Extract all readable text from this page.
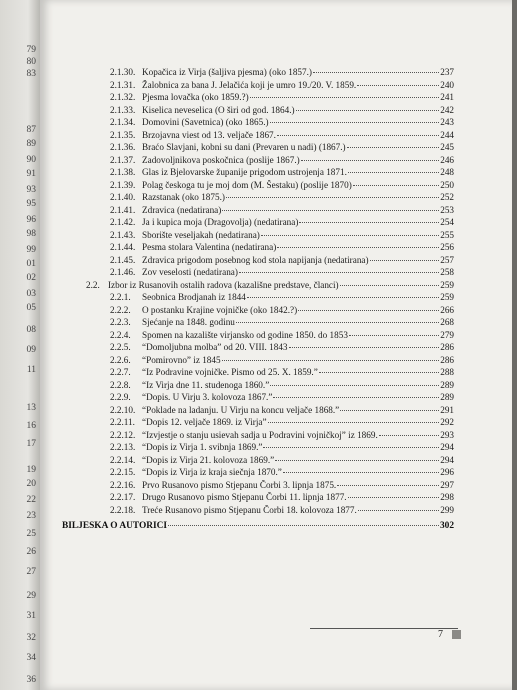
79
80
83
87
89
90
91
93
95
96
98
99
01
02
03
05
08
09
11
13
16
17
19
20
22
23
25
26
27
29
31
32
34
36
2.1.30. Kopačica iz Virja (šaljiva pjesma) (oko 1857.)	237
2.1.31. Žalobnica za bana J. Jelačića koji je umro 19./20. V. 1859.	240
2.1.32. Pjesma lovačka (oko 1859.?)	241
2.1.33. Kiselica neveselica (O širi od god. 1864.)	242
2.1.34. Domovini (Savetnica) (oko 1865.)	243
2.1.35. Brzojavna viest od 13. veljače 1867.	244
2.1.36. Braćo Slavjani, kobni su dani (Prevaren u nadi) (1867.)	245
2.1.37. Zadovoljnikova poskočnica (poslije 1867.)	246
2.1.38. Glas iz Bjelovarske županije prigodom ustrojenja 1871.	248
2.1.39. Polag českoga tu je moj dom (M. Šestaku) (poslije 1870)	250
2.1.40. Razstanak (oko 1875.)	252
2.1.41. Zdravica (nedatirana)	253
2.1.42. Ja i kupica moja (Dragovolja) (nedatirana)	254
2.1.43. Sborište veseljakah (nedatirana)	255
2.1.44. Pesma stolara Valentina (nedatirana)	256
2.1.45. Zdravica prigodom posebnog kod stola napijanja (nedatirana)	257
2.1.46. Zov veselosti (nedatirana)	258
2.2. Izbor iz Rusanovih ostalih radova (kazališne predstave, članci)	259
2.2.1.	Seobnica Brodjanah iz 1844	259
2.2.2.	O postanku Krajine vojničke (oko 1842.?)	266
2.2.3.	Sjećanje na 1848. godinu	268
2.2.4.	Spomen na kazalište virjansko od godine 1850. do 1853	279
2.2.5.	“Domoljubna molba” od 20. VIII. 1843	286
2.2.6.	“Pomirovno” iz 1845	286
2.2.7.	“Iz Podravine vojničke. Pismo od 25. X. 1859.”	288
2.2.8.	“Iz Virja dne 11. studenoga 1860.”	289
2.2.9.	“Dopis. U Virju 3. kolovoza 1867.”	289
2.2.10. “Poklade na ladanju. U Virju na koncu veljače 1868.”	291
2.2.11. “Dopis 12. veljače 1869. iz Virja”	292
2.2.12. “Izvjestje o stanju usievah sadja u Podravini vojničkoj” iz 1869.	293
2.2.13. “Dopis iz Virja 1. svibnja 1869.”	294
2.2.14. “Dopis iz Virja 21. kolovoza 1869.”	294
2.2.15. “Dopis iz Virja iz kraja siečnja 1870.”	296
2.2.16. Prvo Rusanovo pismo Stjepanu Čorbi 3. lipnja 1875.	297
2.2.17. Drugo Rusanovo pismo Stjepanu Čorbi 11. lipnja 1877.	298
2.2.18. Treće Rusanovo pismo Stjepanu Čorbi 18. kolovoza 1877.	299
BILJEŠKA O AUTORICI	302
7
